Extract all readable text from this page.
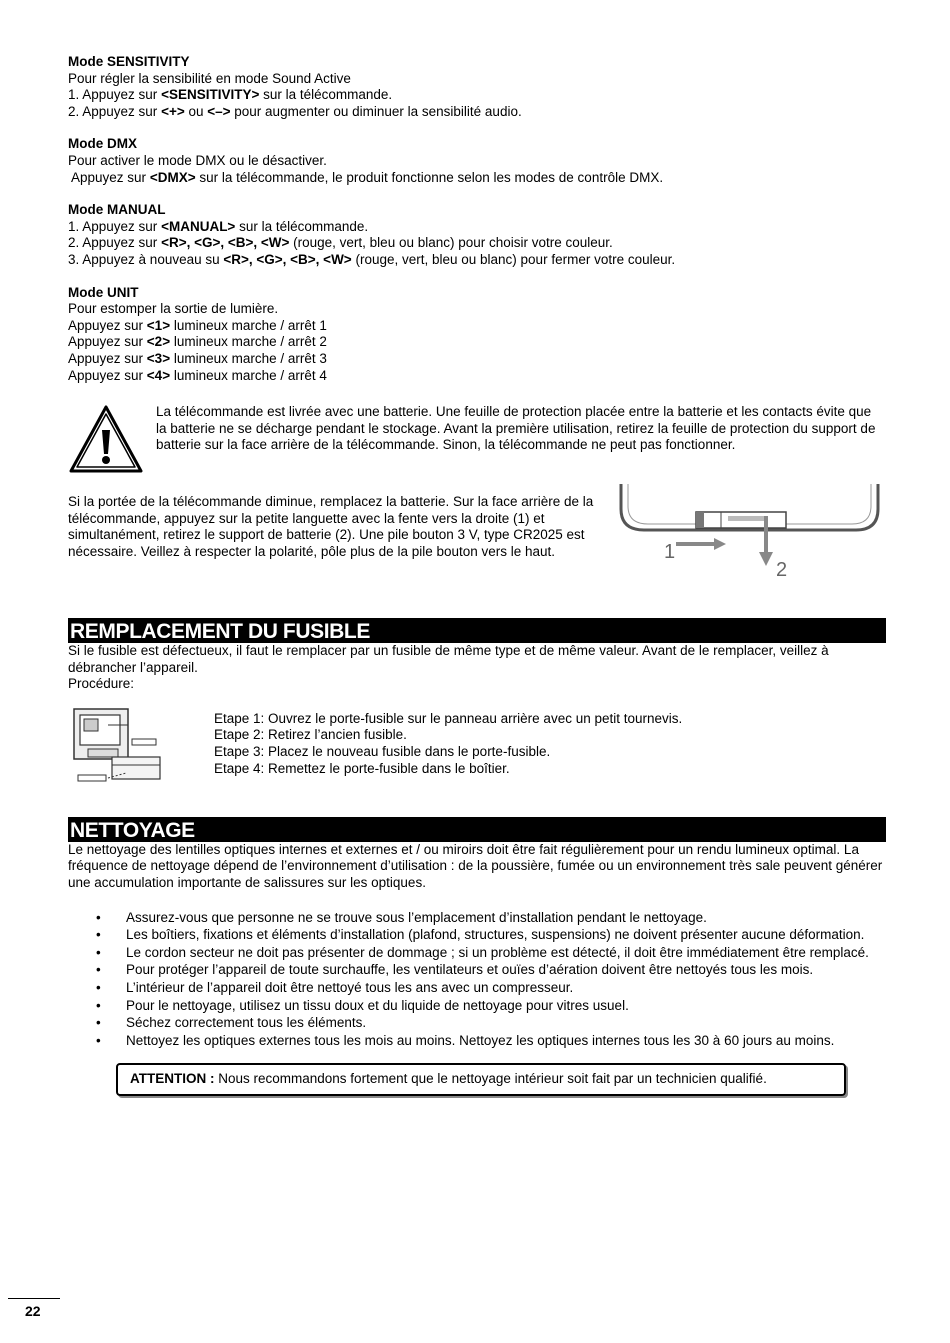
Mode SENSITIVITY
Pour régler la sensibilité en mode Sound Active
1. Appuyez sur <SENSITIVITY> sur la télécommande.
2. Appuyez sur <+> ou <–> pour augmenter ou diminuer la sensibilité audio.
Mode DMX
Pour activer le mode DMX ou le désactiver.
Appuyez sur <DMX> sur la télécommande, le produit fonctionne selon les modes de contrôle DMX.
Mode MANUAL
1. Appuyez sur <MANUAL> sur la télécommande.
2. Appuyez sur <R>, <G>, <B>, <W> (rouge, vert, bleu ou blanc) pour choisir votre couleur.
3. Appuyez à nouveau su <R>, <G>, <B>, <W> (rouge, vert, bleu ou blanc) pour fermer votre couleur.
Mode UNIT
Pour estomper la sortie de lumière.
Appuyez sur <1> lumineux marche / arrêt 1
Appuyez sur <2> lumineux marche / arrêt 2
Appuyez sur <3> lumineux marche / arrêt 3
Appuyez sur <4> lumineux marche / arrêt 4
La télécommande est livrée avec une batterie. Une feuille de protection placée entre la batterie et les contacts évite que la batterie ne se décharge pendant le stockage. Avant la première utilisation, retirez la feuille de protection du support de batterie sur la face arrière de la télécommande. Sinon, la télécommande ne peut pas fonctionner.
Si la portée de la télécommande diminue, remplacez la batterie. Sur la face arrière de la télécommande, appuyez sur la petite languette avec la fente vers la droite (1) et simultanément, retirez le support de batterie (2). Une pile bouton 3 V, type CR2025 est nécessaire. Veillez à respecter la polarité, pôle plus de la pile bouton vers le haut.	1
2
REMPLACEMENT DU FUSIBLE
Si le fusible est défectueux, il faut le remplacer par un fusible de même type et de même valeur. Avant de le remplacer, veillez à débrancher l’appareil.
Procédure:
Etape 1: Ouvrez le porte-fusible sur le panneau arrière avec un petit tournevis.
Etape 2: Retirez l’ancien fusible.
Etape 3: Placez le nouveau fusible dans le porte-fusible.
Etape 4: Remettez le porte-fusible dans le boîtier.
NETTOYAGE
Le nettoyage des lentilles optiques internes et externes et / ou miroirs doit être fait régulièrement pour un rendu lumineux optimal. La fréquence de nettoyage dépend de l’environnement d’utilisation : de la poussière, fumée ou un environnement très sale peuvent générer une accumulation importante de salissures sur les optiques.
• Assurez-vous que personne ne se trouve sous l’emplacement d’installation pendant le nettoyage.
• Les boîtiers, fixations et éléments d’installation (plafond, structures, suspensions) ne doivent présenter aucune déformation.
• Le cordon secteur ne doit pas présenter de dommage ; si un problème est détecté, il doit être immédiatement être remplacé.
• Pour protéger l’appareil de toute surchauffe, les ventilateurs et ouïes d’aération doivent être nettoyés tous les mois.
• L’intérieur de l’appareil doit être nettoyé tous les ans avec un compresseur.
• Pour le nettoyage, utilisez un tissu doux et du liquide de nettoyage pour vitres usuel.
• Séchez correctement tous les éléments.
• Nettoyez les optiques externes tous les mois au moins. Nettoyez les optiques internes tous les 30 à 60 jours au moins.
ATTENTION : Nous recommandons fortement que le nettoyage intérieur soit fait par un technicien qualifié.
22
